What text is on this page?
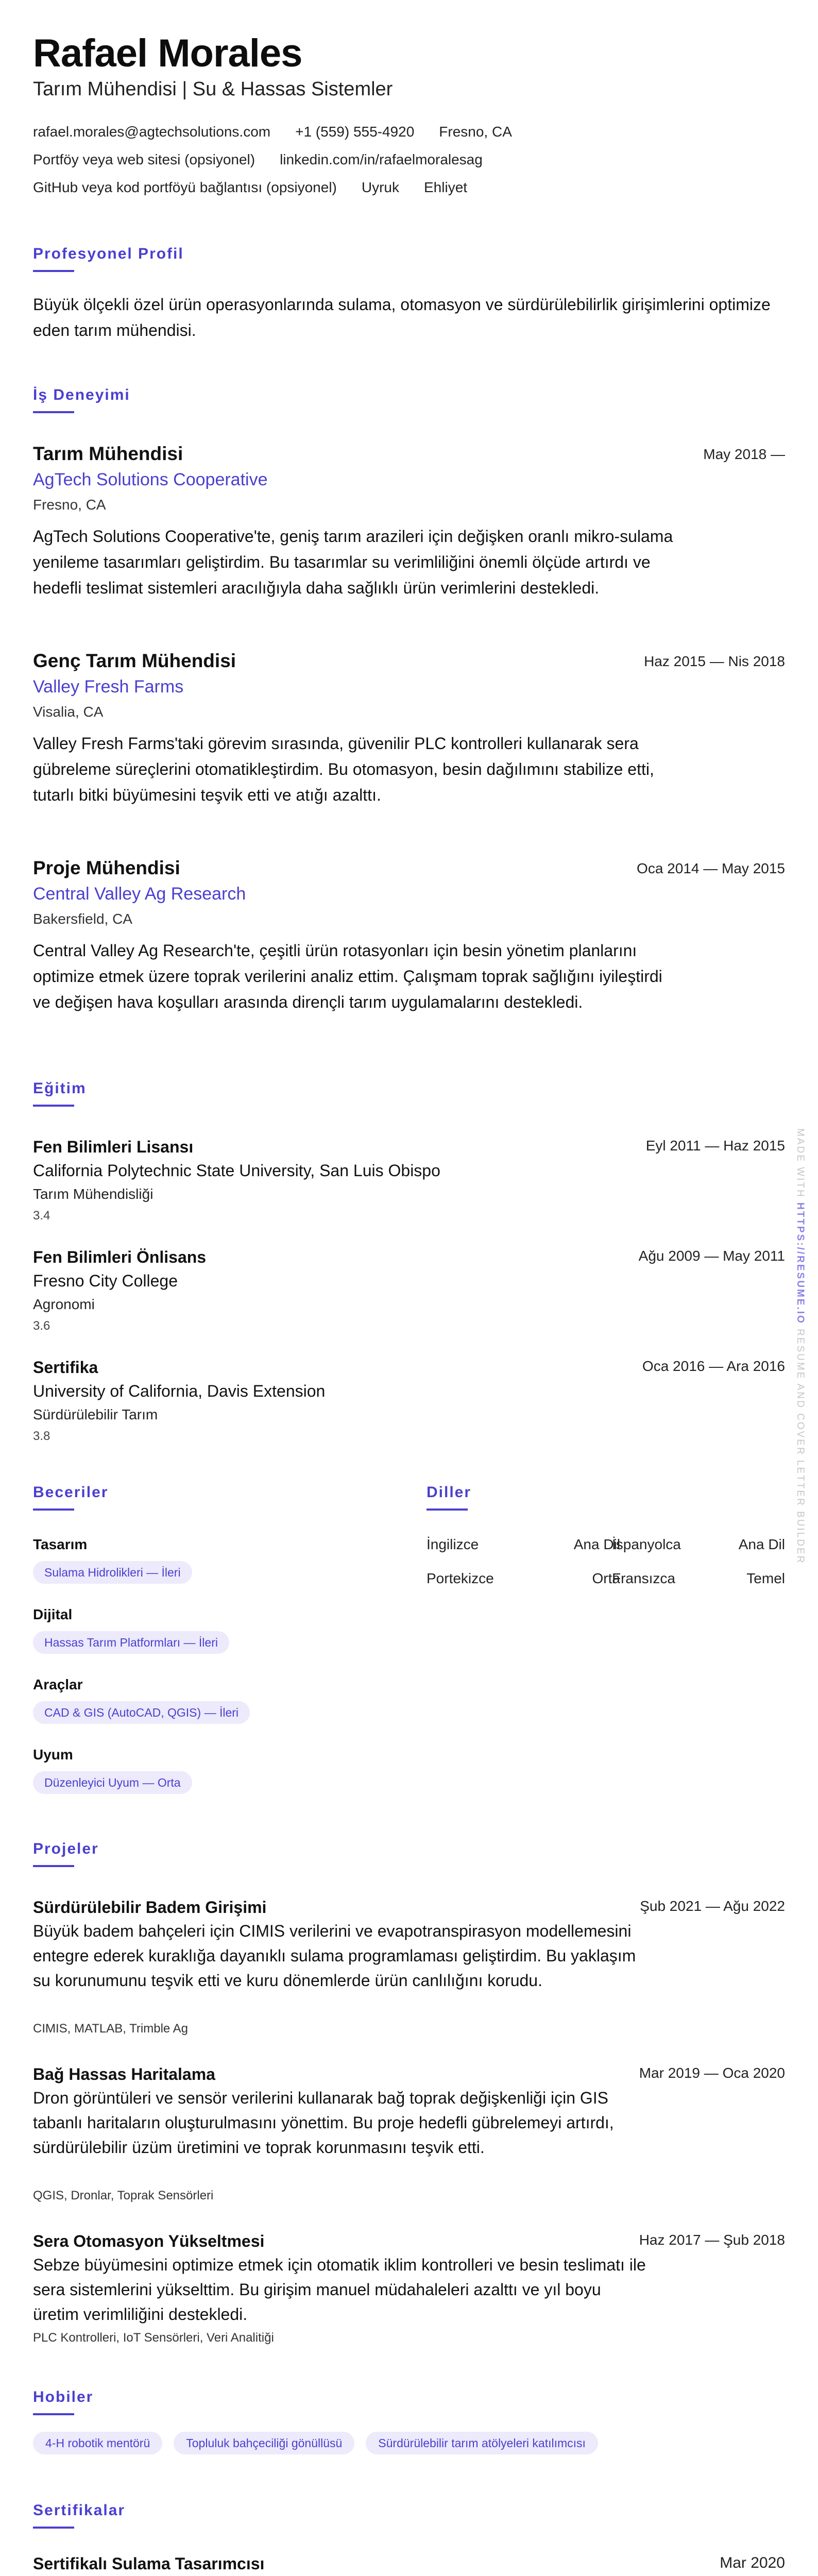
Rafael Morales
Tarım Mühendisi | Su & Hassas Sistemler
rafael.morales@agtechsolutions.com +1 (559) 555-4920 Fresno, CA
Portföy veya web sitesi (opsiyonel) linkedin.com/in/rafaelmoralesag
GitHub veya kod portföyü bağlantısı (opsiyonel) Uyruk Ehliyet
Profesyonel Profil
Büyük ölçekli özel ürün operasyonlarında sulama, otomasyon ve sürdürülebilirlik girişimlerini optimize eden tarım mühendisi.
İş Deneyimi
Tarım Mühendisi	May 2018 —
AgTech Solutions Cooperative
Fresno, CA
AgTech Solutions Cooperative'te, geniş tarım arazileri için değişken oranlı mikro-sulama yenileme tasarımları geliştirdim. Bu tasarımlar su verimliliğini önemli ölçüde artırdı ve hedefli teslimat sistemleri aracılığıyla daha sağlıklı ürün verimlerini destekledi.
Genç Tarım Mühendisi	Haz 2015 — Nis 2018
Valley Fresh Farms
Visalia, CA
Valley Fresh Farms'taki görevim sırasında, güvenilir PLC kontrolleri kullanarak sera gübreleme süreçlerini otomatikleştirdim. Bu otomasyon, besin dağılımını stabilize etti, tutarlı bitki büyümesini teşvik etti ve atığı azalttı.
Proje Mühendisi	Oca 2014 — May 2015
Central Valley Ag Research
Bakersfield, CA
Central Valley Ag Research'te, çeşitli ürün rotasyonları için besin yönetim planlarını optimize etmek üzere toprak verilerini analiz ettim. Çalışmam toprak sağlığını iyileştirdi ve değişen hava koşulları arasında dirençli tarım uygulamalarını destekledi.
Eğitim
Fen Bilimleri Lisansı	Eyl 2011 — Haz 2015
California Polytechnic State University, San Luis Obispo
Tarım Mühendisliği
3.4
Fen Bilimleri Önlisans	Ağu 2009 — May 2011
Fresno City College
Agronomi
3.6
Sertifika	Oca 2016 — Ara 2016
University of California, Davis Extension
Sürdürülebilir Tarım
3.8
Beceriler
Tasarım
Sulama Hidrolikleri — İleri
Dijital
Hassas Tarım Platformları — İleri
Araçlar
CAD & GIS (AutoCAD, QGIS) — İleri
Uyum
Düzenleyici Uyum — Orta
Diller
İngilizce	Ana Dil
İspanyolca	Ana Dil
Portekizce	Orta
Fransızca	Temel
Projeler
Sürdürülebilir Badem Girişimi	Şub 2021 — Ağu 2022
Büyük badem bahçeleri için CIMIS verilerini ve evapotranspirasyon modellemesini entegre ederek kuraklığa dayanıklı sulama programlaması geliştirdim. Bu yaklaşım su korunumunu teşvik etti ve kuru dönemlerde ürün canlılığını korudu.
CIMIS, MATLAB, Trimble Ag
Bağ Hassas Haritalama	Mar 2019 — Oca 2020
Dron görüntüleri ve sensör verilerini kullanarak bağ toprak değişkenliği için GIS tabanlı haritaların oluşturulmasını yönettim. Bu proje hedefli gübrelemeyi artırdı, sürdürülebilir üzüm üretimini ve toprak korunmasını teşvik etti.
QGIS, Dronlar, Toprak Sensörleri
Sera Otomasyon Yükseltmesi	Haz 2017 — Şub 2018
Sebze büyümesini optimize etmek için otomatik iklim kontrolleri ve besin teslimatı ile sera sistemlerini yükselttim. Bu girişim manuel müdahaleleri azalttı ve yıl boyu üretim verimliliğini destekledi.
PLC Kontrolleri, IoT Sensörleri, Veri Analitiği
Hobiler
4-H robotik mentörü	Topluluk bahçeciliği gönüllüsü	Sürdürülebilir tarım atölyeleri katılımcısı
Sertifikalar
Sertifikalı Sulama Tasarımcısı	Mar 2020
MADE WITH HTTPS://RESUME.IO RESUME AND COVER LETTER BUILDER
